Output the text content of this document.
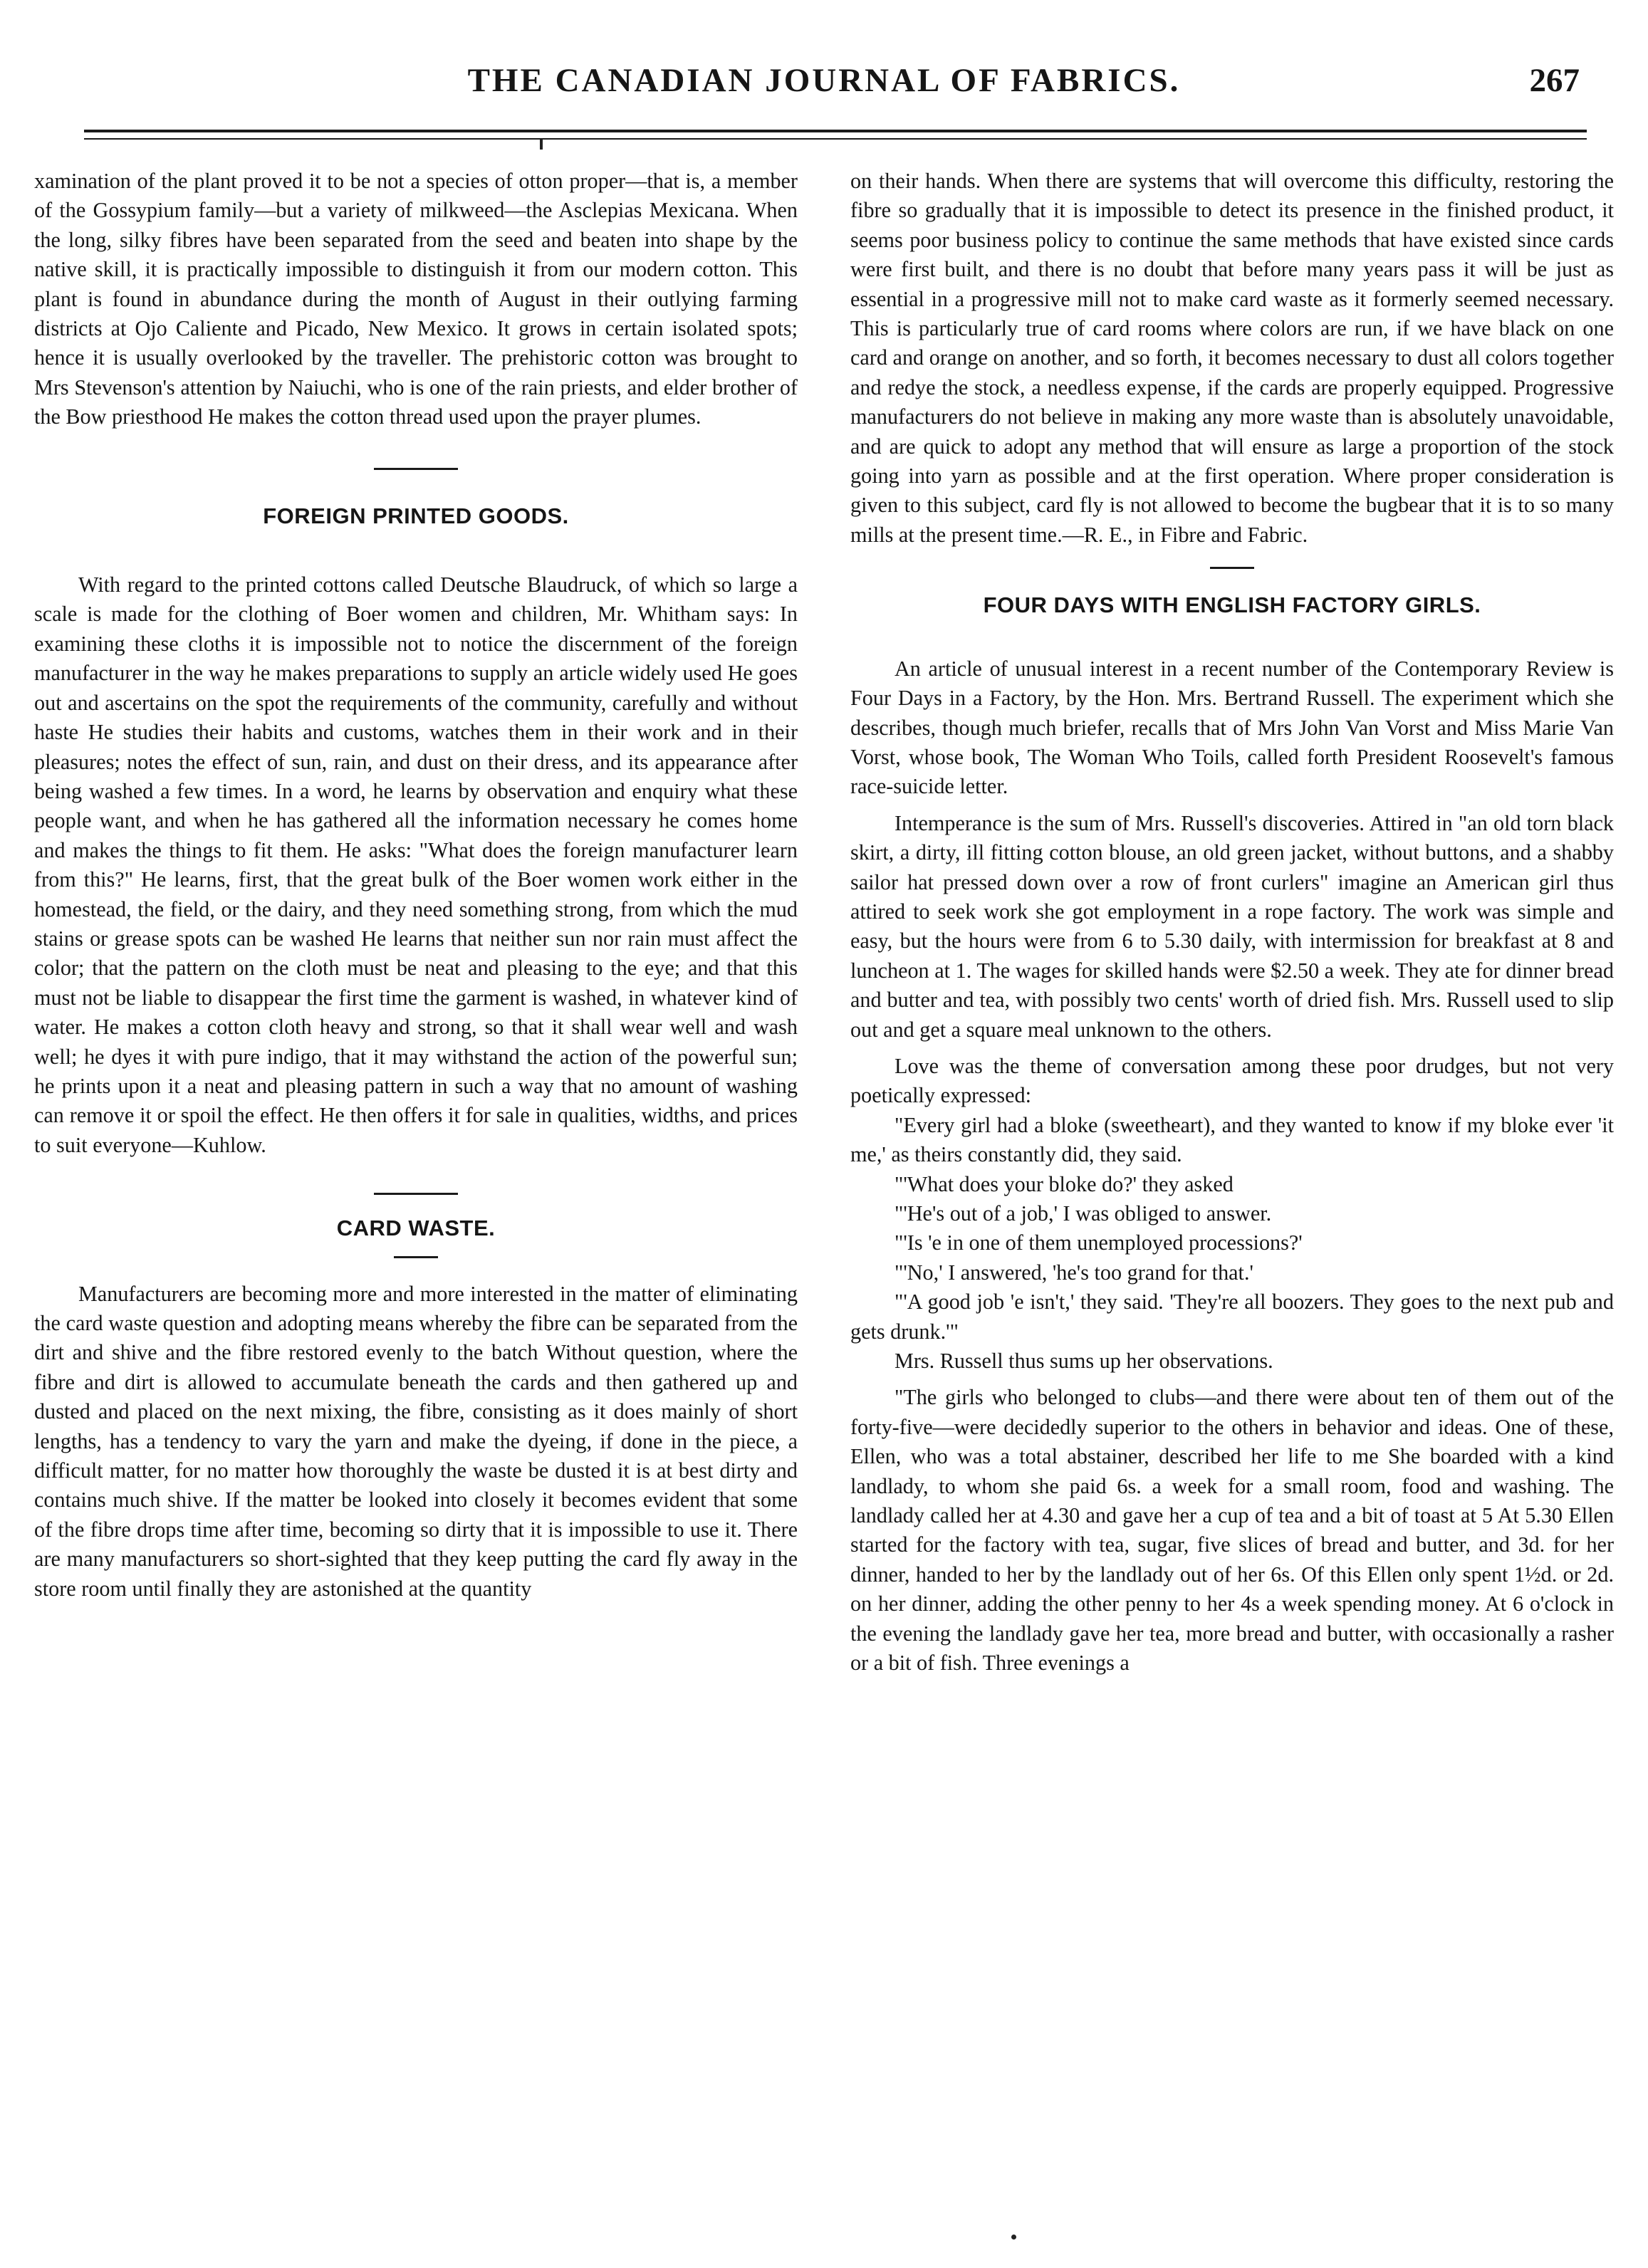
THE CANADIAN JOURNAL OF FABRICS.	267

xamination of the plant proved it to be not a species of otton proper—that is, a member of the Gossypium family—but a variety of milkweed—the Asclepias Mexicana. When the long, silky fibres have been separated from the seed and beaten into shape by the native skill, it is practically impossible to distinguish it from our modern cotton. This plant is found in abundance during the month of August in their outlying farming districts at Ojo Caliente and Picado, New Mexico. It grows in certain isolated spots; hence it is usually overlooked by the traveller. The prehistoric cotton was brought to Mrs Stevenson's attention by Naiuchi, who is one of the rain priests, and elder brother of the Bow priesthood He makes the cotton thread used upon the prayer plumes.

FOREIGN PRINTED GOODS.

With regard to the printed cottons called Deutsche Blaudruck, of which so large a scale is made for the clothing of Boer women and children, Mr. Whitham says: In examining these cloths it is impossible not to notice the discernment of the foreign manufacturer in the way he makes preparations to supply an article widely used He goes out and ascertains on the spot the requirements of the community, carefully and without haste He studies their habits and customs, watches them in their work and in their pleasures; notes the effect of sun, rain, and dust on their dress, and its appearance after being washed a few times. In a word, he learns by observation and enquiry what these people want, and when he has gathered all the information necessary he comes home and makes the things to fit them. He asks: "What does the foreign manufacturer learn from this?" He learns, first, that the great bulk of the Boer women work either in the homestead, the field, or the dairy, and they need something strong, from which the mud stains or grease spots can be washed He learns that neither sun nor rain must affect the color; that the pattern on the cloth must be neat and pleasing to the eye; and that this must not be liable to disappear the first time the garment is washed, in whatever kind of water. He makes a cotton cloth heavy and strong, so that it shall wear well and wash well; he dyes it with pure indigo, that it may withstand the action of the powerful sun; he prints upon it a neat and pleasing pattern in such a way that no amount of washing can remove it or spoil the effect. He then offers it for sale in qualities, widths, and prices to suit everyone—Kuhlow.

CARD WASTE.

Manufacturers are becoming more and more interested in the matter of eliminating the card waste question and adopting means whereby the fibre can be separated from the dirt and shive and the fibre restored evenly to the batch Without question, where the fibre and dirt is allowed to accumulate beneath the cards and then gathered up and dusted and placed on the next mixing, the fibre, consisting as it does mainly of short lengths, has a tendency to vary the yarn and make the dyeing, if done in the piece, a difficult matter, for no matter how thoroughly the waste be dusted it is at best dirty and contains much shive. If the matter be looked into closely it becomes evident that some of the fibre drops time after time, becoming so dirty that it is impossible to use it. There are many manufacturers so short-sighted that they keep putting the card fly away in the store room until finally they are astonished at the quantity

on their hands. When there are systems that will overcome this difficulty, restoring the fibre so gradually that it is impossible to detect its presence in the finished product, it seems poor business policy to continue the same methods that have existed since cards were first built, and there is no doubt that before many years pass it will be just as essential in a progressive mill not to make card waste as it formerly seemed necessary. This is particularly true of card rooms where colors are run, if we have black on one card and orange on another, and so forth, it becomes necessary to dust all colors together and redye the stock, a needless expense, if the cards are properly equipped. Progressive manufacturers do not believe in making any more waste than is absolutely unavoidable, and are quick to adopt any method that will ensure as large a proportion of the stock going into yarn as possible and at the first operation. Where proper consideration is given to this subject, card fly is not allowed to become the bugbear that it is to so many mills at the present time.—R. E., in Fibre and Fabric.

FOUR DAYS WITH ENGLISH FACTORY GIRLS.

An article of unusual interest in a recent number of the Contemporary Review is Four Days in a Factory, by the Hon. Mrs. Bertrand Russell. The experiment which she describes, though much briefer, recalls that of Mrs John Van Vorst and Miss Marie Van Vorst, whose book, The Woman Who Toils, called forth President Roosevelt's famous race-suicide letter.

Intemperance is the sum of Mrs. Russell's discoveries. Attired in "an old torn black skirt, a dirty, ill fitting cotton blouse, an old green jacket, without buttons, and a shabby sailor hat pressed down over a row of front curlers" imagine an American girl thus attired to seek work she got employment in a rope factory. The work was simple and easy, but the hours were from 6 to 5.30 daily, with intermission for breakfast at 8 and luncheon at 1. The wages for skilled hands were $2.50 a week. They ate for dinner bread and butter and tea, with possibly two cents' worth of dried fish. Mrs. Russell used to slip out and get a square meal unknown to the others.

Love was the theme of conversation among these poor drudges, but not very poetically expressed:

"Every girl had a bloke (sweetheart), and they wanted to know if my bloke ever 'it me,' as theirs constantly did, they said.

"'What does your bloke do?' they asked

"'He's out of a job,' I was obliged to answer.

"'Is 'e in one of them unemployed processions?'

"'No,' I answered, 'he's too grand for that.'

"'A good job 'e isn't,' they said. 'They're all boozers. They goes to the next pub and gets drunk.'"

Mrs. Russell thus sums up her observations.

"The girls who belonged to clubs—and there were about ten of them out of the forty-five—were decidedly superior to the others in behavior and ideas. One of these, Ellen, who was a total abstainer, described her life to me She boarded with a kind landlady, to whom she paid 6s. a week for a small room, food and washing. The landlady called her at 4.30 and gave her a cup of tea and a bit of toast at 5 At 5.30 Ellen started for the factory with tea, sugar, five slices of bread and butter, and 3d. for her dinner, handed to her by the landlady out of her 6s. Of this Ellen only spent 1½d. or 2d. on her dinner, adding the other penny to her 4s a week spending money. At 6 o'clock in the evening the landlady gave her tea, more bread and butter, with occasionally a rasher or a bit of fish. Three evenings a
